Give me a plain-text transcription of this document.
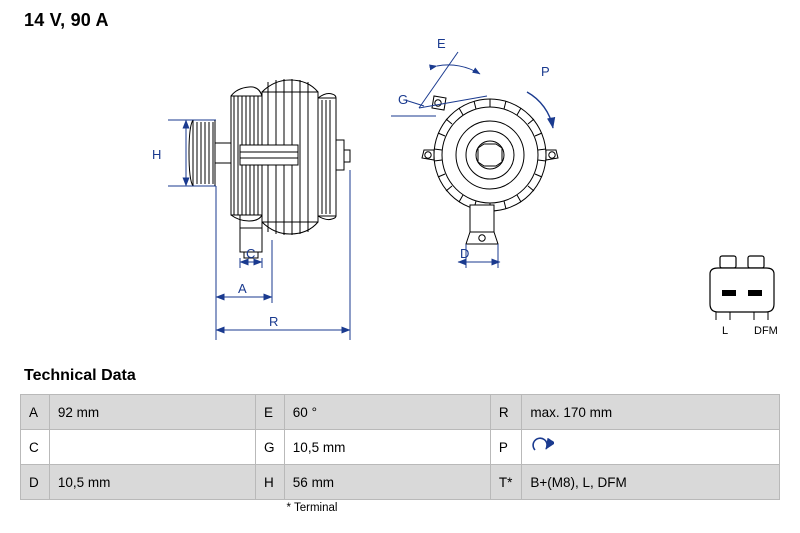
14 V, 90 A
H
C
A
R
E
G
P
D
L DFM
Technical Data
A	92 mm	E	60 °	R	max. 170 mm
C		G	10,5 mm	P	
D	10,5 mm	H	56 mm	T*	B+(M8), L, DFM
* Terminal
